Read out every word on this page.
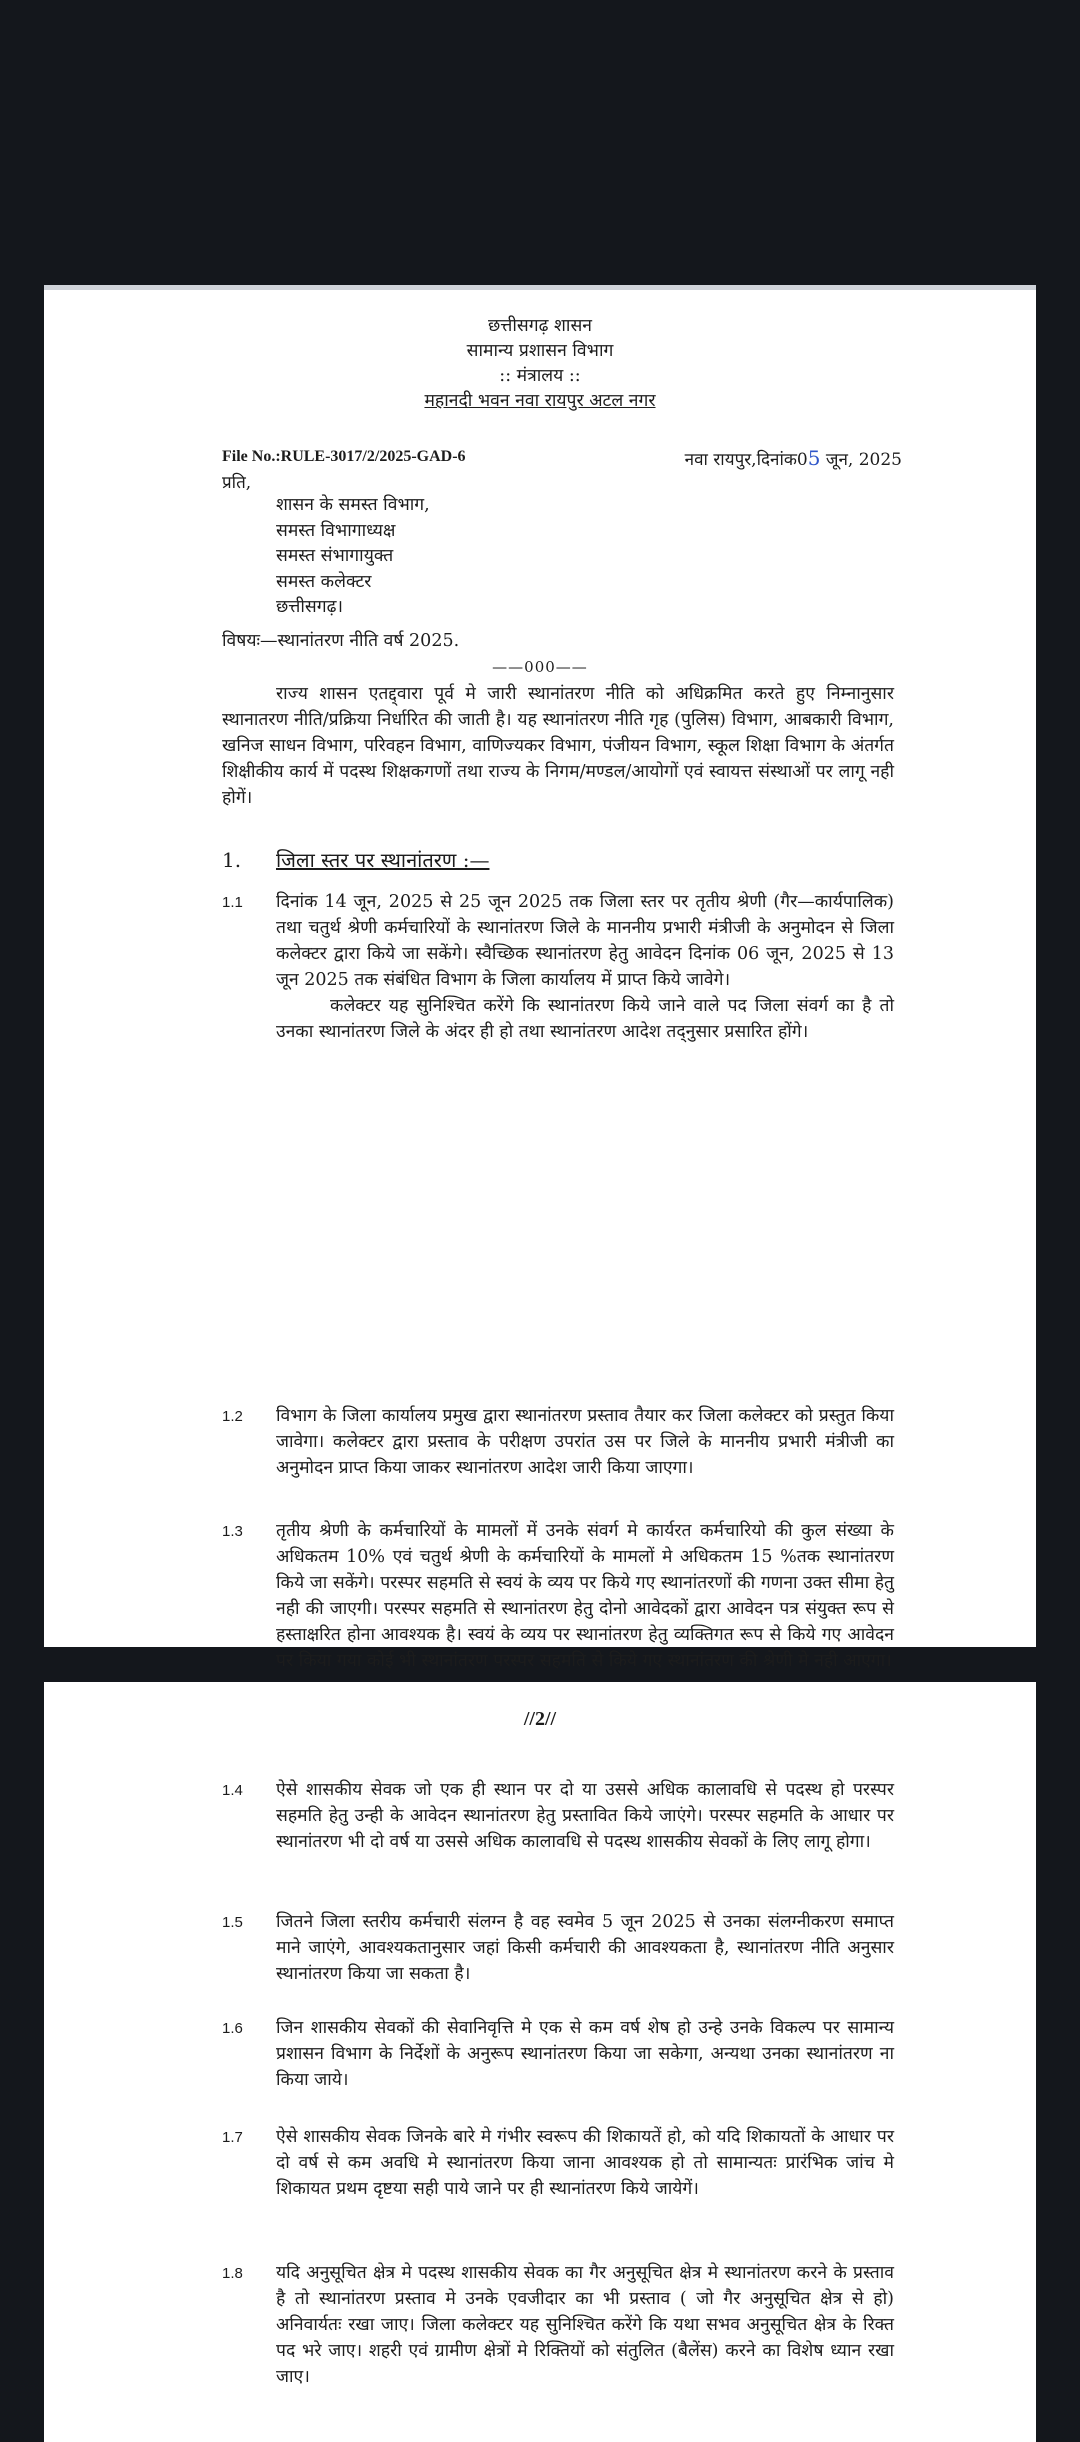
छत्तीसगढ़ शासन
सामान्य प्रशासन विभाग
:: मंत्रालय ::
महानदी भवन नवा रायपुर अटल नगर
File No.:RULE-3017/2/2025-GAD-6	नवा रायपुर,दिनांक05 जून, 2025
प्रति,
शासन के समस्त विभाग,
समस्त विभागाध्यक्ष
समस्त संभागायुक्त
समस्त कलेक्टर
छत्तीसगढ़।
विषयः—स्थानांतरण नीति वर्ष 2025.
——000——
राज्य शासन एतद्द्वारा पूर्व मे जारी स्थानांतरण नीति को अधिक्रमित करते हुए निम्नानुसार स्थानातरण नीति/प्रक्रिया निर्धारित की जाती है। यह स्थानांतरण नीति गृह (पुलिस) विभाग, आबकारी विभाग, खनिज साधन विभाग, परिवहन विभाग, वाणिज्यकर विभाग, पंजीयन विभाग, स्कूल शिक्षा विभाग के अंतर्गत शिक्षीकीय कार्य में पदस्थ शिक्षकगणों तथा राज्य के निगम/मण्डल/आयोगों एवं स्वायत्त संस्थाओं पर लागू नही होगें।
1. जिला स्तर पर स्थानांतरण :—
1.1 दिनांक 14 जून, 2025 से 25 जून 2025 तक जिला स्तर पर तृतीय श्रेणी (गैर—कार्यपालिक) तथा चतुर्थ श्रेणी कर्मचारियों के स्थानांतरण जिले के माननीय प्रभारी मंत्रीजी के अनुमोदन से जिला कलेक्टर द्वारा किये जा सकेंगे। स्वैच्छिक स्थानांतरण हेतु आवेदन दिनांक 06 जून, 2025 से 13 जून 2025 तक संबंधित विभाग के जिला कार्यालय में प्राप्त किये जावेगे।
कलेक्टर यह सुनिश्चित करेंगे कि स्थानांतरण किये जाने वाले पद जिला संवर्ग का है तो उनका स्थानांतरण जिले के अंदर ही हो तथा स्थानांतरण आदेश तद्नुसार प्रसारित होंगे।
1.2 विभाग के जिला कार्यालय प्रमुख द्वारा स्थानांतरण प्रस्ताव तैयार कर जिला कलेक्टर को प्रस्तुत किया जावेगा। कलेक्टर द्वारा प्रस्ताव के परीक्षण उपरांत उस पर जिले के माननीय प्रभारी मंत्रीजी का अनुमोदन प्राप्त किया जाकर स्थानांतरण आदेश जारी किया जाएगा।
1.3 तृतीय श्रेणी के कर्मचारियों के मामलों में उनके संवर्ग मे कार्यरत कर्मचारियो की कुल संख्या के अधिकतम 10% एवं चतुर्थ श्रेणी के कर्मचारियों के मामलों मे अधिकतम 15 %तक स्थानांतरण किये जा सकेंगे। परस्पर सहमति से स्वयं के व्यय पर किये गए स्थानांतरणों की गणना उक्त सीमा हेतु नही की जाएगी। परस्पर सहमति से स्थानांतरण हेतु दोनो आवेदकों द्वारा आवेदन पत्र संयुक्त रूप से हस्ताक्षरित होना आवश्यक है। स्वयं के व्यय पर स्थानांतरण हेतु व्यक्तिगत रूप से किये गए आवेदन पर किया गया कोई भी स्थानांतरण परस्पर सहमति से किये गए स्थानांतरण की श्रेणी मे नही आएगा।
//2//
1.4 ऐसे शासकीय सेवक जो एक ही स्थान पर दो या उससे अधिक कालावधि से पदस्थ हो परस्पर सहमति हेतु उन्ही के आवेदन स्थानांतरण हेतु प्रस्तावित किये जाएंगे। परस्पर सहमति के आधार पर स्थानांतरण भी दो वर्ष या उससे अधिक कालावधि से पदस्थ शासकीय सेवकों के लिए लागू होगा।
1.5 जितने जिला स्तरीय कर्मचारी संलग्न है वह स्वमेव 5 जून 2025 से उनका संलग्नीकरण समाप्त माने जाएंगे, आवश्यकतानुसार जहां किसी कर्मचारी की आवश्यकता है, स्थानांतरण नीति अनुसार स्थानांतरण किया जा सकता है।
1.6 जिन शासकीय सेवकों की सेवानिवृत्ति मे एक से कम वर्ष शेष हो उन्हे उनके विकल्प पर सामान्य प्रशासन विभाग के निर्देशों के अनुरूप स्थानांतरण किया जा सकेगा, अन्यथा उनका स्थानांतरण ना किया जाये।
1.7 ऐसे शासकीय सेवक जिनके बारे मे गंभीर स्वरूप की शिकायतें हो, को यदि शिकायतों के आधार पर दो वर्ष से कम अवधि मे स्थानांतरण किया जाना आवश्यक हो तो सामान्यतः प्रारंभिक जांच मे शिकायत प्रथम दृष्टया सही पाये जाने पर ही स्थानांतरण किये जायेगें।
1.8 यदि अनुसूचित क्षेत्र मे पदस्थ शासकीय सेवक का गैर अनुसूचित क्षेत्र मे स्थानांतरण करने के प्रस्ताव है तो स्थानांतरण प्रस्ताव मे उनके एवजीदार का भी प्रस्ताव ( जो गैर अनुसूचित क्षेत्र से हो) अनिवार्यतः रखा जाए। जिला कलेक्टर यह सुनिश्चित करेंगे कि यथा सभव अनुसूचित क्षेत्र के रिक्त पद भरे जाए। शहरी एवं ग्रामीण क्षेत्रों मे रिक्तियों को संतुलित (बैलेंस) करने का विशेष ध्यान रखा जाए।
